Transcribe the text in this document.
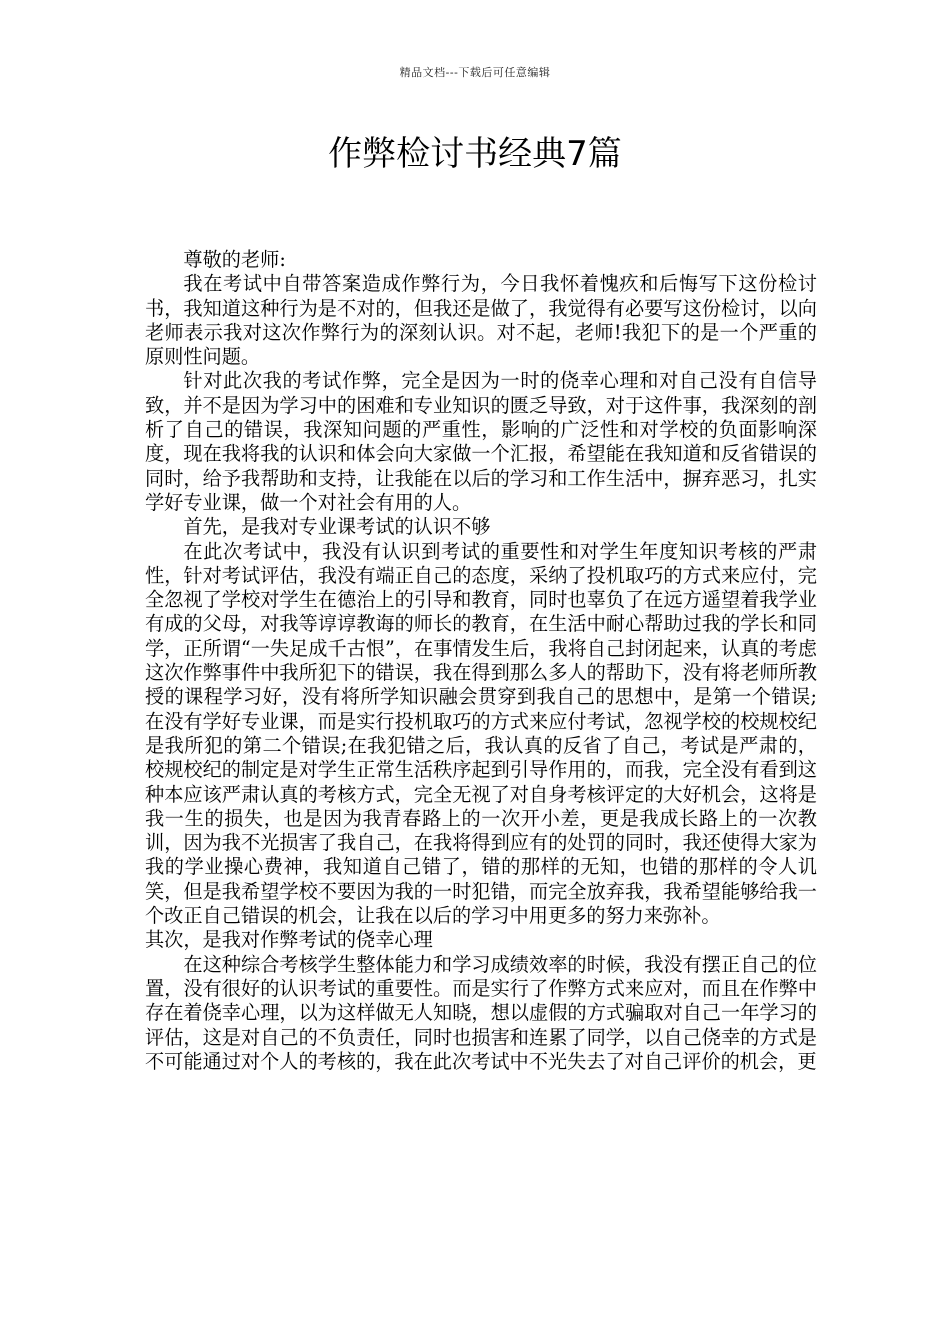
精品文档---下载后可任意编辑
作弊检讨书经典7篇

尊敬的老师:

我在考试中自带答案造成作弊行为，今日我怀着愧疚和后悔写下这份检讨书，我知道这种行为是不对的，但我还是做了，我觉得有必要写这份检讨，以向老师表示我对这次作弊行为的深刻认识。对不起，老师!我犯下的是一个严重的原则性问题。

针对此次我的考试作弊，完全是因为一时的侥幸心理和对自己没有自信导致，并不是因为学习中的困难和专业知识的匮乏导致，对于这件事，我深刻的剖析了自己的错误，我深知问题的严重性，影响的广泛性和对学校的负面影响深度，现在我将我的认识和体会向大家做一个汇报，希望能在我知道和反省错误的同时，给予我帮助和支持，让我能在以后的学习和工作生活中，摒弃恶习，扎实学好专业课，做一个对社会有用的人。

首先，是我对专业课考试的认识不够

在此次考试中，我没有认识到考试的重要性和对学生年度知识考核的严肃性，针对考试评估，我没有端正自己的态度，采纳了投机取巧的方式来应付，完全忽视了学校对学生在德治上的引导和教育，同时也辜负了在远方遥望着我学业有成的父母，对我等谆谆教诲的师长的教育，在生活中耐心帮助过我的学长和同学，正所谓“一失足成千古恨”，在事情发生后，我将自己封闭起来，认真的考虑这次作弊事件中我所犯下的错误，我在得到那么多人的帮助下，没有将老师所教授的课程学习好，没有将所学知识融会贯穿到我自己的思想中，是第一个错误;在没有学好专业课，而是实行投机取巧的方式来应付考试，忽视学校的校规校纪是我所犯的第二个错误;在我犯错之后，我认真的反省了自己，考试是严肃的，校规校纪的制定是对学生正常生活秩序起到引导作用的，而我，完全没有看到这种本应该严肃认真的考核方式，完全无视了对自身考核评定的大好机会，这将是我一生的损失，也是因为我青春路上的一次开小差，更是我成长路上的一次教训，因为我不光损害了我自己，在我将得到应有的处罚的同时，我还使得大家为我的学业操心费神，我知道自己错了，错的那样的无知，也错的那样的令人讥笑，但是我希望学校不要因为我的一时犯错，而完全放弃我，我希望能够给我一个改正自己错误的机会，让我在以后的学习中用更多的努力来弥补。

其次，是我对作弊考试的侥幸心理

在这种综合考核学生整体能力和学习成绩效率的时候，我没有摆正自己的位置，没有很好的认识考试的重要性。而是实行了作弊方式来应对，而且在作弊中存在着侥幸心理，以为这样做无人知晓，想以虚假的方式骗取对自己一年学习的评估，这是对自己的不负责任，同时也损害和连累了同学，以自己侥幸的方式是不可能通过对个人的考核的，我在此次考试中不光失去了对自己评价的机会，更
